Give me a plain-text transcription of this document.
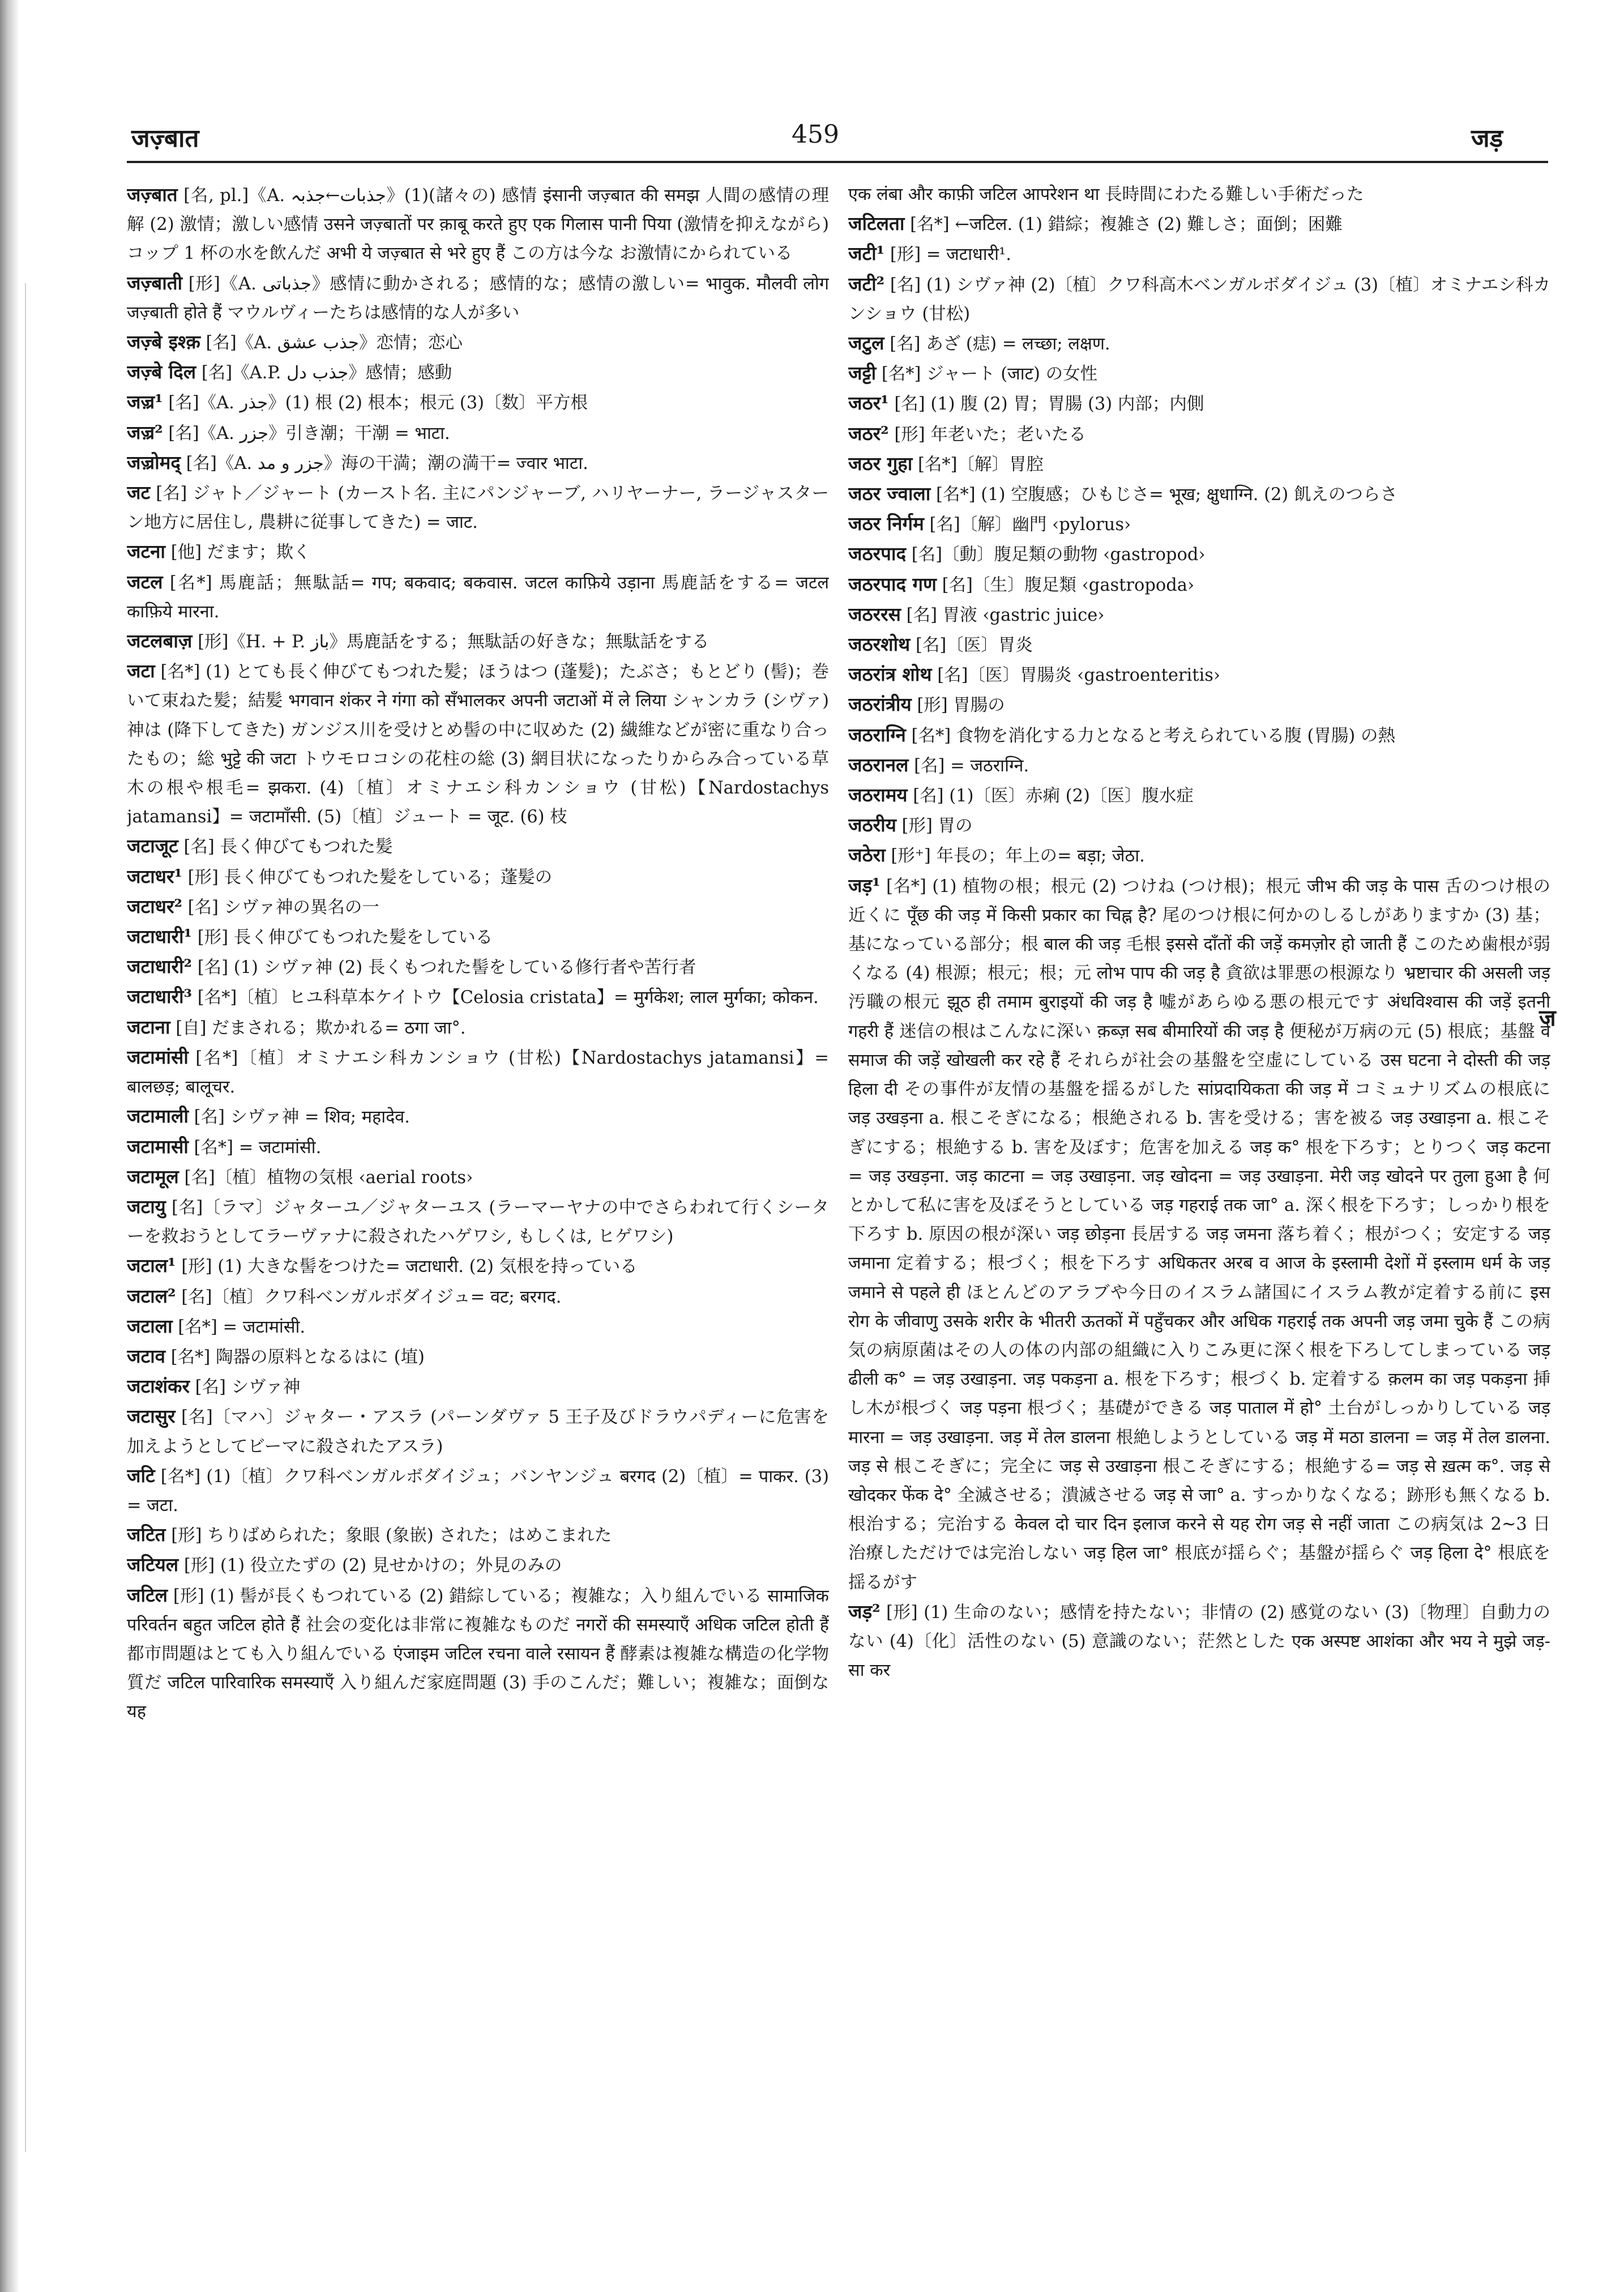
जज़्बात	459	जड़

जज़्बात [名, pl.]《A. جذبات←جذبہ》(1)(諸々の) 感情 इंसानी जज़्बात की समझ 人間の感情の理解 (2) 激情；激しい感情 उसने जज़्बातों पर क़ाबू करते हुए एक गिलास पानी पिया (激情を抑えながら) コップ 1 杯の水を飲んだ अभी ये जज़्बात से भरे हुए हैं この方は今な お激情にかられている

जज़्बाती [形]《A. جذباتی》感情に動かされる；感情的な；感情の激しい= भावुक. मौलवी लोग जज़्बाती होते हैं マウルヴィーたちは感情的な人が多い

जज़्बे इश्क़ [名]《A. جذب عشق》恋情；恋心

जज़्बे दिल [名]《A.P. جذب دل》感情；感動

जज़्र¹ [名]《A. جذر》(1) 根 (2) 根本；根元 (3)〔数〕平方根

जज़्र² [名]《A. جزر》引き潮；干潮 = भाटा.

जज़्रोमद् [名]《A. جزر و مد》海の干満；潮の満干= ज्वार भाटा.

जट [名] ジャト／ジャート (カースト名. 主にパンジャーブ, ハリヤーナー, ラージャスターン地方に居住し, 農耕に従事してきた) = जाट.

जटना [他] だます；欺く

जटल [名*] 馬鹿話；無駄話= गप; बकवाद; बकवास. जटल काफ़िये उड़ाना 馬鹿話をする= जटल काफ़िये मारना.

जटलबाज़ [形]《H. + P. باز》馬鹿話をする；無駄話の好きな；無駄話をする

जटा [名*] (1) とても長く伸びてもつれた髪；ほうはつ (蓬髪)；たぶさ；もとどり (髻)；巻いて束ねた髪；結髪 भगवान शंकर ने गंगा को सँभालकर अपनी जटाओं में ले लिया シャンカラ (シヴァ) 神は (降下してきた) ガンジス川を受けとめ髻の中に収めた (2) 繊維などが密に重なり合ったもの；総 भुट्टे की जटा トウモロコシの花柱の総 (3) 網目状になったりからみ合っている草木の根や根毛= झकरा. (4)〔植〕オミナエシ科カンショウ (甘松)【Nardostachys jatamansi】= जटामाँसी. (5)〔植〕ジュート = जूट. (6) 枝

जटाजूट [名] 長く伸びてもつれた髪

जटाधर¹ [形] 長く伸びてもつれた髪をしている；蓬髪の

जटाधर² [名] シヴァ神の異名の一

जटाधारी¹ [形] 長く伸びてもつれた髪をしている

जटाधारी² [名] (1) シヴァ神 (2) 長くもつれた髻をしている修行者や苦行者

जटाधारी³ [名*]〔植〕ヒユ科草本ケイトウ【Celosia cristata】= मुर्गकेश; लाल मुर्गका; कोकन.

जटाना [自] だまされる；欺かれる= ठगा जा°.

जटामांसी [名*]〔植〕オミナエシ科カンショウ (甘松)【Nardostachys jatamansi】= बालछड़; बालूचर.

जटामाली [名] シヴァ神 = शिव; महादेव.

जटामासी [名*] = जटामांसी.

जटामूल [名]〔植〕植物の気根 ‹aerial roots›

जटायु [名]〔ラマ〕ジャターユ／ジャターユス (ラーマーヤナの中でさらわれて行くシーターを救おうとしてラーヴァナに殺されたハゲワシ, もしくは, ヒゲワシ)

जटाल¹ [形] (1) 大きな髻をつけた= जटाधारी. (2) 気根を持っている

जटाल² [名]〔植〕クワ科ベンガルボダイジュ= वट; बरगद.

जटाला [名*] = जटामांसी.

जटाव [名*] 陶器の原料となるはに (埴)

जटाशंकर [名] シヴァ神

जटासुर [名]〔マハ〕ジャター・アスラ (パーンダヴァ 5 王子及びドラウパディーに危害を加えようとしてビーマに殺されたアスラ)

जटि [名*] (1)〔植〕クワ科ベンガルボダイジュ；バンヤンジュ बरगद (2)〔植〕= पाकर. (3) = जटा.

जटित [形] ちりばめられた；象眼 (象嵌) された；はめこまれた

जटियल [形] (1) 役立たずの (2) 見せかけの；外見のみの

जटिल [形] (1) 髻が長くもつれている (2) 錯綜している；複雑な；入り組んでいる सामाजिक परिवर्तन बहुत जटिल होते हैं 社会の変化は非常に複雑なものだ नगरों की समस्याएँ अधिक जटिल होती हैं 都市問題はとても入り組んでいる एंजाइम जटिल रचना वाले रसायन हैं 酵素は複雑な構造の化学物質だ जटिल पारिवारिक समस्याएँ 入り組んだ家庭問題 (3) 手のこんだ；難しい；複雑な；面倒な यह

एक लंबा और काफ़ी जटिल आपरेशन था 長時間にわたる難しい手術だった

जटिलता [名*] ←जटिल. (1) 錯綜；複雑さ (2) 難しさ；面倒；困難

जटी¹ [形] = जटाधारी¹.

जटी² [名] (1) シヴァ神 (2)〔植〕クワ科高木ベンガルボダイジュ (3)〔植〕オミナエシ科カンショウ (甘松)

जटुल [名] あざ (痣) = लच्छा; लक्षण.

जट्टी [名*] ジャート (जाट) の女性

जठर¹ [名] (1) 腹 (2) 胃；胃腸 (3) 内部；内側

जठर² [形] 年老いた；老いたる

जठर गुहा [名*]〔解〕胃腔

जठर ज्वाला [名*] (1) 空腹感；ひもじさ= भूख; क्षुधाग्नि. (2) 飢えのつらさ

जठर निर्गम [名]〔解〕幽門 ‹pylorus›

जठरपाद [名]〔動〕腹足類の動物 ‹gastropod›

जठरपाद गण [名]〔生〕腹足類 ‹gastropoda›

जठररस [名] 胃液 ‹gastric juice›

जठरशोथ [名]〔医〕胃炎

जठरांत्र शोथ [名]〔医〕胃腸炎 ‹gastroenteritis›

जठरांत्रीय [形] 胃腸の

जठराग्नि [名*] 食物を消化する力となると考えられている腹 (胃腸) の熱

जठरानल [名] = जठराग्नि.

जठरामय [名] (1)〔医〕赤痢 (2)〔医〕腹水症

जठरीय [形] 胃の

जठेरा [形⁺] 年長の；年上の= बड़ा; जेठा.

जड़¹ [名*] (1) 植物の根；根元 (2) つけね (つけ根)；根元 जीभ की जड़ के पास 舌のつけ根の近くに पूँछ की जड़ में किसी प्रकार का चिह्न है? 尾のつけ根に何かのしるしがありますか (3) 基；基になっている部分；根 बाल की जड़ 毛根 इससे दाँतों की जड़ें कमज़ोर हो जाती हैं このため歯根が弱くなる (4) 根源；根元；根；元 लोभ पाप की जड़ है 貪欲は罪悪の根源なり भ्रष्टाचार की असली जड़ 汚職の根元 झूठ ही तमाम बुराइयों की जड़ है 嘘があらゆる悪の根元です अंधविश्वास की जड़ें इतनी गहरी हैं 迷信の根はこんなに深い क़ब्ज़ सब बीमारियों की जड़ है 便秘が万病の元 (5) 根底；基盤 वे समाज की जड़ें खोखली कर रहे हैं それらが社会の基盤を空虚にしている उस घटना ने दोस्ती की जड़ हिला दी その事件が友情の基盤を揺るがした सांप्रदायिकता की जड़ में コミュナリズムの根底に जड़ उखड़ना a. 根こそぎになる；根絶される b. 害を受ける；害を被る जड़ उखाड़ना a. 根こそぎにする；根絶する b. 害を及ぼす；危害を加える जड़ क° 根を下ろす；とりつく जड़ कटना = जड़ उखड़ना. जड़ काटना = जड़ उखाड़ना. जड़ खोदना = जड़ उखाड़ना. मेरी जड़ खोदने पर तुला हुआ है 何とかして私に害を及ぼそうとしている जड़ गहराई तक जा° a. 深く根を下ろす；しっかり根を下ろす b. 原因の根が深い जड़ छोड़ना 長居する जड़ जमना 落ち着く；根がつく；安定する जड़ जमाना 定着する；根づく；根を下ろす अधिकतर अरब व आज के इस्लामी देशों में इस्लाम धर्म के जड़ जमाने से पहले ही ほとんどのアラブや今日のイスラム諸国にイスラム教が定着する前に इस रोग के जीवाणु उसके शरीर के भीतरी ऊतकों में पहुँचकर और अधिक गहराई तक अपनी जड़ जमा चुके हैं この病気の病原菌はその人の体の内部の組織に入りこみ更に深く根を下ろしてしまっている जड़ ढीली क° = जड़ उखाड़ना. जड़ पकड़ना a. 根を下ろす；根づく b. 定着する क़लम का जड़ पकड़ना 挿し木が根づく जड़ पड़ना 根づく；基礎ができる जड़ पाताल में हो° 土台がしっかりしている जड़ मारना = जड़ उखाड़ना. जड़ में तेल डालना 根絶しようとしている जड़ में मठा डालना = जड़ में तेल डालना. जड़ से 根こそぎに；完全に जड़ से उखाड़ना 根こそぎにする；根絶する= जड़ से ख़त्म क°. जड़ से खोदकर फेंक दे° 全滅させる；潰滅させる जड़ से जा° a. すっかりなくなる；跡形も無くなる b. 根治する；完治する केवल दो चार दिन इलाज करने से यह रोग जड़ से नहीं जाता この病気は 2~3 日治療しただけでは完治しない जड़ हिल जा° 根底が揺らぐ；基盤が揺らぐ जड़ हिला दे° 根底を揺るがす

जड़² [形] (1) 生命のない；感情を持たない；非情の (2) 感覚のない (3)〔物理〕自動力のない (4)〔化〕活性のない (5) 意識のない；茫然とした एक अस्पष्ट आशंका और भय ने मुझे जड़-सा कर

ज
